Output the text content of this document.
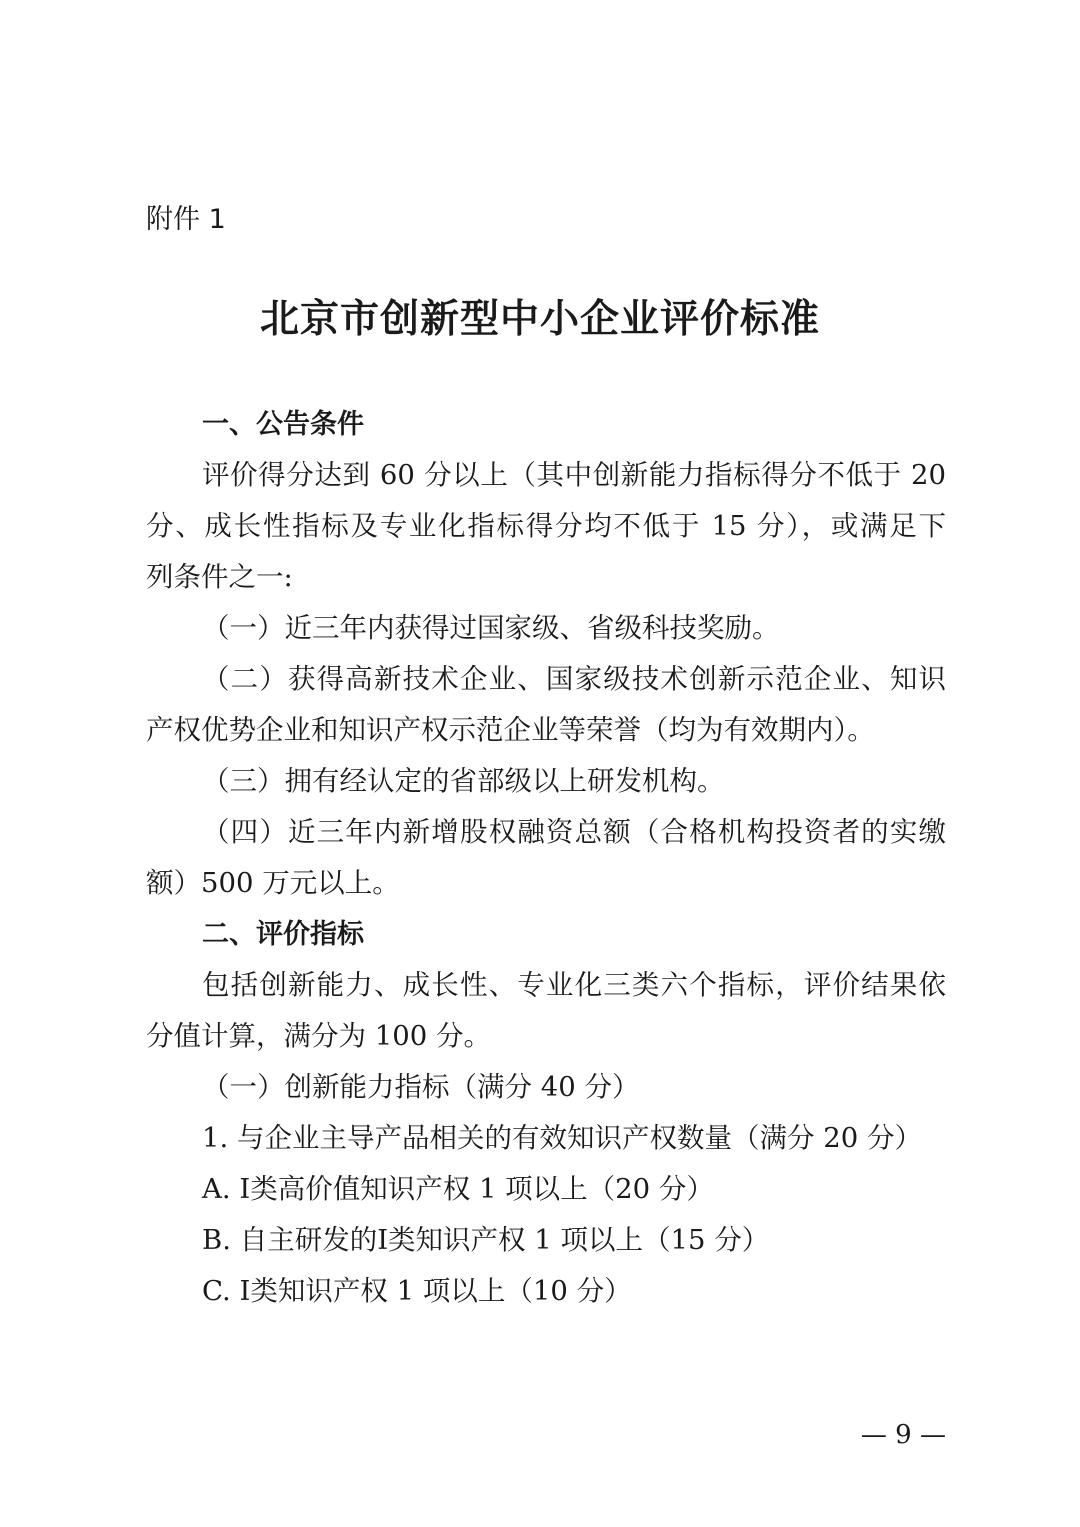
附件 1

北京市创新型中小企业评价标准

一、公告条件

评价得分达到 60 分以上（其中创新能力指标得分不低于 20

分、成长性指标及专业化指标得分均不低于 15 分），或满足下

列条件之一:

（一）近三年内获得过国家级、省级科技奖励。

（二）获得高新技术企业、国家级技术创新示范企业、知识

产权优势企业和知识产权示范企业等荣誉（均为有效期内）。

（三）拥有经认定的省部级以上研发机构。

（四）近三年内新增股权融资总额（合格机构投资者的实缴

额）500 万元以上。

二、评价指标

包括创新能力、成长性、专业化三类六个指标，评价结果依

分值计算，满分为 100 分。

（一）创新能力指标（满分 40 分）

1. 与企业主导产品相关的有效知识产权数量（满分 20 分）

A. Ⅰ类高价值知识产权 1 项以上（20 分）

B. 自主研发的Ⅰ类知识产权 1 项以上（15 分）

C. Ⅰ类知识产权 1 项以上（10 分）

— 9 —
